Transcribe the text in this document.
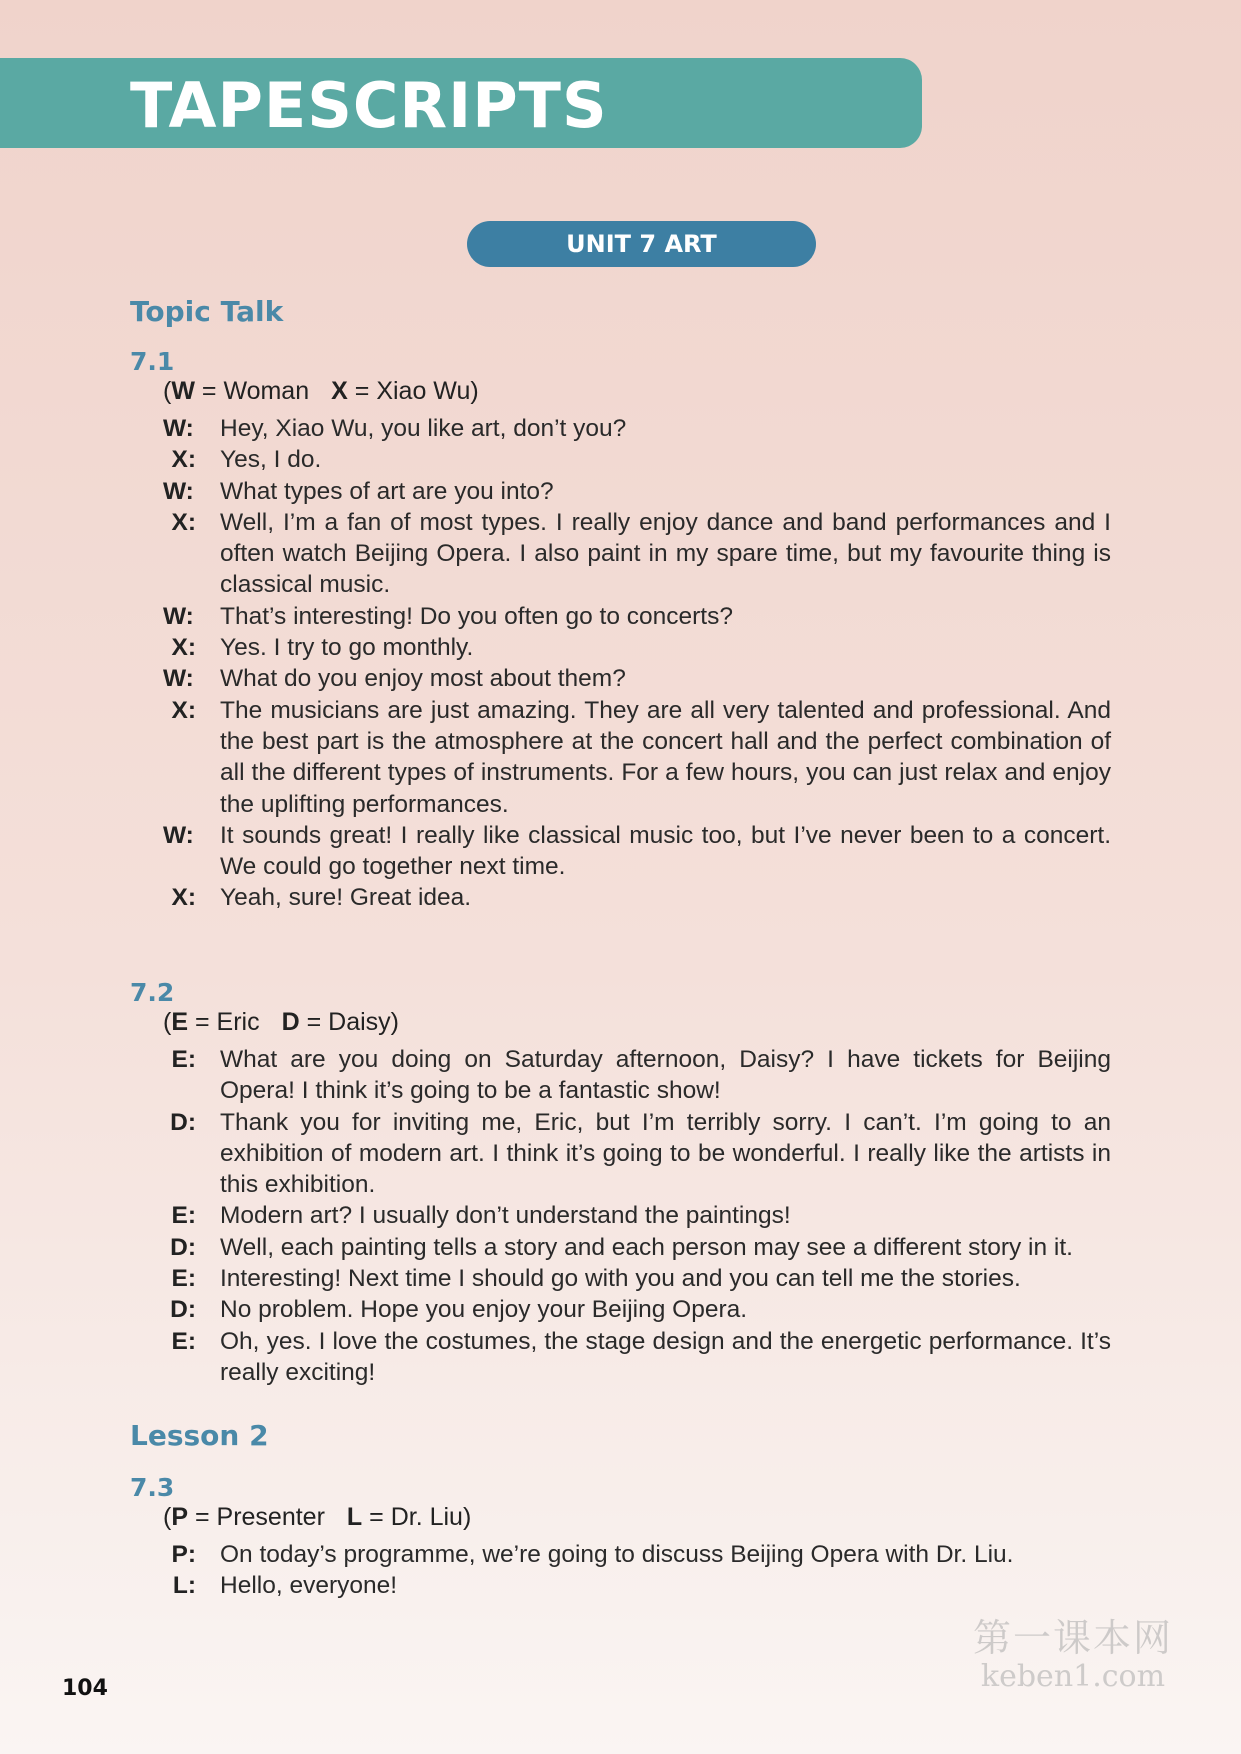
TAPESCRIPTS
UNIT 7 ART
Topic Talk
7.1
(W = Woman X = Xiao Wu)
W:	Hey, Xiao Wu, you like art, don’t you?
X: Yes, I do.
W:	What types of art are you into?
X: Well, I’m a fan of most types. I really enjoy dance and band performances and I often watch Beijing Opera. I also paint in my spare time, but my favourite thing is classical music.
W:	That’s interesting! Do you often go to concerts?
X: Yes. I try to go monthly.
W:	What do you enjoy most about them?
X: The musicians are just amazing. They are all very talented and professional. And the best part is the atmosphere at the concert hall and the perfect combination of all the different types of instruments. For a few hours, you can just relax and enjoy the uplifting performances.
W:	It sounds great! I really like classical music too, but I’ve never been to a concert. We could go together next time.
X: Yeah, sure! Great idea.
7.2
(E = Eric D = Daisy)
E: What are you doing on Saturday afternoon, Daisy? I have tickets for Beijing Opera! I think it’s going to be a fantastic show!
D: Thank you for inviting me, Eric, but I’m terribly sorry. I can’t. I’m going to an exhibition of modern art. I think it’s going to be wonderful. I really like the artists in this exhibition.
E: Modern art? I usually don’t understand the paintings!
D: Well, each painting tells a story and each person may see a different story in it.
E: Interesting! Next time I should go with you and you can tell me the stories.
D: No problem. Hope you enjoy your Beijing Opera.
E: Oh, yes. I love the costumes, the stage design and the energetic performance. It’s really exciting!
Lesson 2
7.3
(P = Presenter L = Dr. Liu)
P: On today’s programme, we’re going to discuss Beijing Opera with Dr. Liu.
L: Hello, everyone!
104
第一课本网
keben1.com
